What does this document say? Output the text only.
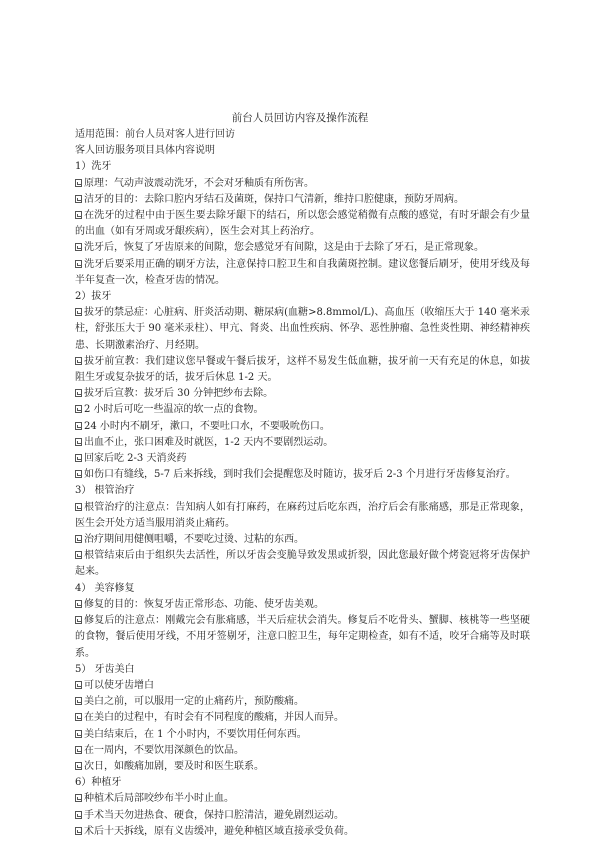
前台人员回访内容及操作流程
适用范围：前台人员对客人进行回访
客人回访服务项目具体内容说明
1）洗牙
原理：气动声波震动洗牙，不会对牙釉质有所伤害。
洁牙的目的：去除口腔内牙结石及菌斑，保持口气清新，维持口腔健康，预防牙周病。
在洗牙的过程中由于医生要去除牙龈下的结石，所以您会感觉稍微有点酸的感觉，有时牙龈会有少量的出血（如有牙周或牙龈疾病），医生会对其上药治疗。
洗牙后，恢复了牙齿原来的间隙，您会感觉牙有间隙，这是由于去除了牙石，是正常现象。
洗牙后要采用正确的刷牙方法，注意保持口腔卫生和自我菌斑控制。建议您餐后刷牙，使用牙线及每半年复查一次，检查牙齿的情况。
2）拔牙
拔牙的禁忌症：心脏病、肝炎活动期、糖尿病(血糖>8.8mmol/L)、高血压（收缩压大于 140 毫米汞柱，舒张压大于 90 毫米汞柱）、甲亢、肾炎、出血性疾病、怀孕、恶性肿瘤、急性炎性期、神经精神疾患、长期激素治疗、月经期。
拔牙前宣教：我们建议您早餐或午餐后拔牙，这样不易发生低血糖，拔牙前一天有充足的休息，如拔阻生牙或复杂拔牙的话，拔牙后休息 1-2 天。
拔牙后宣教：拔牙后 30 分钟把纱布去除。
2 小时后可吃一些温凉的软一点的食物。
24 小时内不刷牙，漱口，不要吐口水，不要吸吮伤口。
出血不止，张口困难及时就医，1-2 天内不要剧烈运动。
回家后吃 2-3 天消炎药
如伤口有缝线，5-7 后来拆线，到时我们会提醒您及时随访，拔牙后 2-3 个月进行牙齿修复治疗。
3） 根管治疗
根管治疗的注意点：告知病人如有打麻药，在麻药过后吃东西，治疗后会有胀痛感，那是正常现象，医生会开处方适当服用消炎止痛药。
治疗期间用健侧咀嚼，不要吃过烫、过粘的东西。
根管结束后由于组织失去活性，所以牙齿会变脆导致发黑或折裂，因此您最好做个烤瓷冠将牙齿保护起来。
4） 美容修复
修复的目的：恢复牙齿正常形态、功能、使牙齿美观。
修复后的注意点：刚戴完会有胀痛感，半天后症状会消失。修复后不吃骨头、蟹脚、核桃等一些坚硬的食物，餐后使用牙线，不用牙签剔牙，注意口腔卫生，每年定期检查，如有不适，咬牙合痛等及时联系。
5） 牙齿美白
可以使牙齿增白
美白之前，可以服用一定的止痛药片，预防酸痛。
在美白的过程中，有时会有不同程度的酸痛，并因人而异。
美白结束后，在 1 个小时内，不要饮用任何东西。
在一周内，不要饮用深颜色的饮品。
次日，如酸痛加剧，要及时和医生联系。
6）种植牙
种植术后局部咬纱布半小时止血。
手术当天勿进热食、硬食，保持口腔清洁，避免剧烈运动。
术后十天拆线，原有义齿缓冲，避免种植区域直接承受负荷。
